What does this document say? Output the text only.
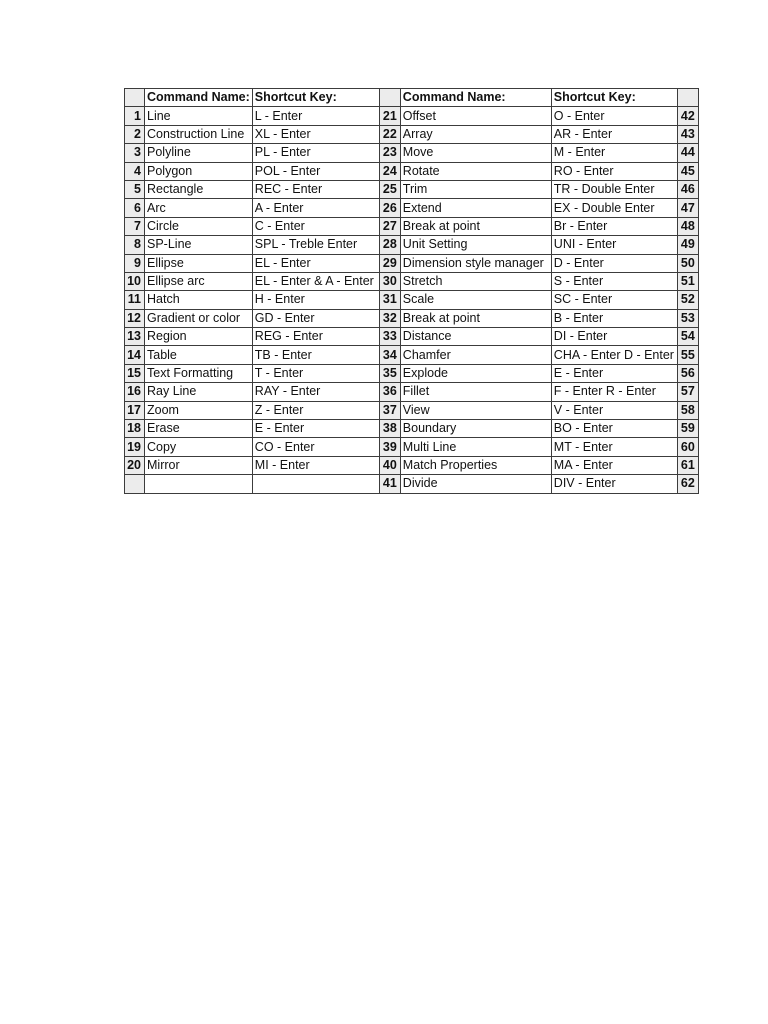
	Command Name:	Shortcut Key:		Command Name:	Shortcut Key:	
1	Line	L - Enter	21	Offset	O - Enter	42
2	Construction Line	XL - Enter	22	Array	AR - Enter	43
3	Polyline	PL - Enter	23	Move	M - Enter	44
4	Polygon	POL - Enter	24	Rotate	RO - Enter	45
5	Rectangle	REC - Enter	25	Trim	TR - Double Enter	46
6	Arc	A - Enter	26	Extend	EX - Double Enter	47
7	Circle	C - Enter	27	Break at point	Br - Enter	48
8	SP-Line	SPL - Treble Enter	28	Unit Setting	UNI - Enter	49
9	Ellipse	EL - Enter	29	Dimension style manager	D - Enter	50
10	Ellipse arc	EL - Enter & A - Enter	30	Stretch	S - Enter	51
11	Hatch	H - Enter	31	Scale	SC - Enter	52
12	Gradient or color	GD - Enter	32	Break at point	B - Enter	53
13	Region	REG - Enter	33	Distance	DI - Enter	54
14	Table	TB - Enter	34	Chamfer	CHA - Enter D - Enter	55
15	Text Formatting	T - Enter	35	Explode	E - Enter	56
16	Ray Line	RAY - Enter	36	Fillet	F - Enter R - Enter	57
17	Zoom	Z - Enter	37	View	V - Enter	58
18	Erase	E - Enter	38	Boundary	BO - Enter	59
19	Copy	CO - Enter	39	Multi Line	MT - Enter	60
20	Mirror	MI - Enter	40	Match Properties	MA - Enter	61
			41	Divide	DIV - Enter	62
